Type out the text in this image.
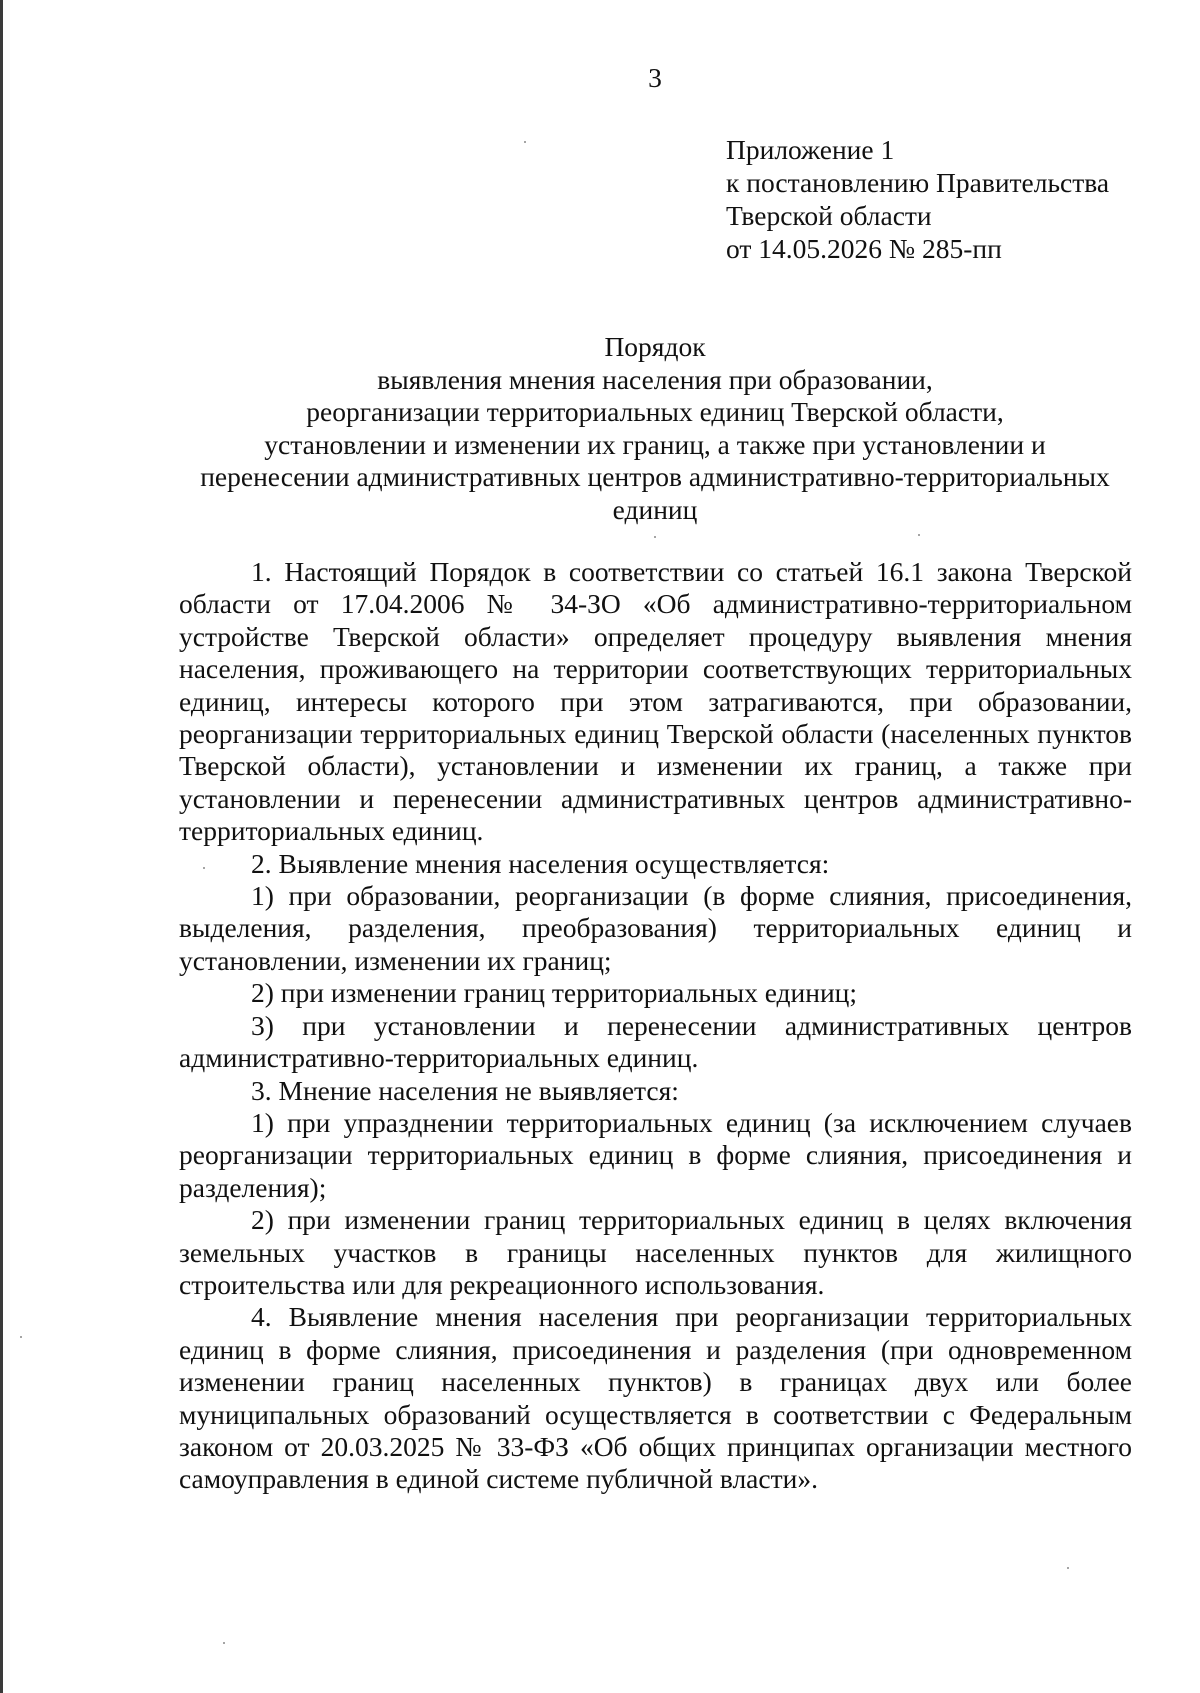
3
Приложение 1
к постановлению Правительства
Тверской области
от 14.05.2026 № 285-пп
Порядок
выявления мнения населения при образовании,
реорганизации территориальных единиц Тверской области,
установлении и изменении их границ, а также при установлении и
перенесении административных центров административно-территориальных
единиц

1. Настоящий Порядок в соответствии со статьей 16.1 закона Тверской области от 17.04.2006 № 34-ЗО «Об административно-территориальном устройстве Тверской области» определяет процедуру выявления мнения населения, проживающего на территории соответствующих территориальных единиц, интересы которого при этом затрагиваются, при образовании, реорганизации территориальных единиц Тверской области (населенных пунктов Тверской области), установлении и изменении их границ, а также при установлении и перенесении административных центров административно-территориальных единиц.

2. Выявление мнения населения осуществляется:

1) при образовании, реорганизации (в форме слияния, присоединения, выделения, разделения, преобразования) территориальных единиц и установлении, изменении их границ;

2) при изменении границ территориальных единиц;

3) при установлении и перенесении административных центров административно-территориальных единиц.

3. Мнение населения не выявляется:

1) при упразднении территориальных единиц (за исключением случаев реорганизации территориальных единиц в форме слияния, присоединения и разделения);

2) при изменении границ территориальных единиц в целях включения земельных участков в границы населенных пунктов для жилищного строительства или для рекреационного использования.

4. Выявление мнения населения при реорганизации территориальных единиц в форме слияния, присоединения и разделения (при одновременном изменении границ населенных пунктов) в границах двух или более муниципальных образований осуществляется в соответствии с Федеральным законом от 20.03.2025 № 33-ФЗ «Об общих принципах организации местного самоуправления в единой системе публичной власти».
